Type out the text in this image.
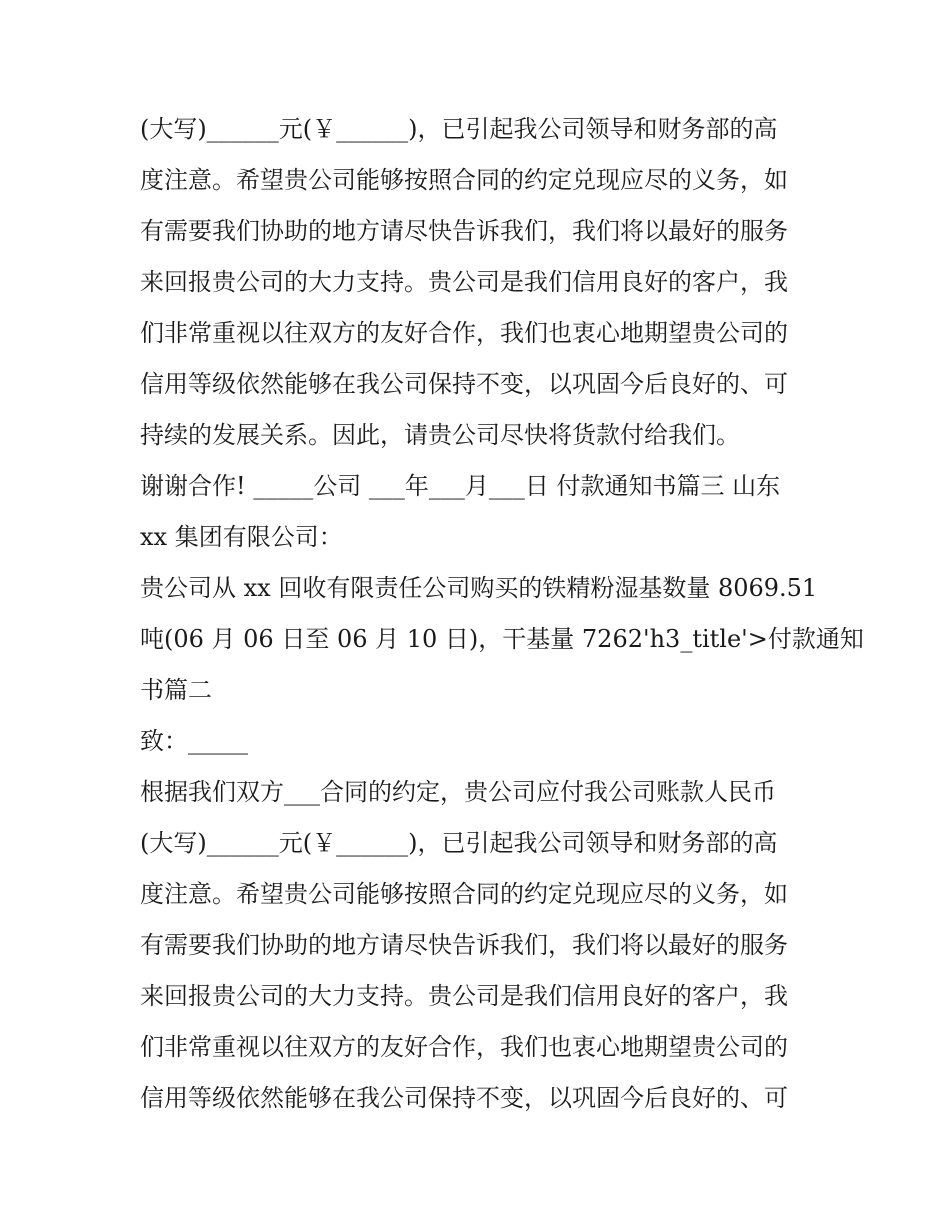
(大写)______元(￥______)，已引起我公司领导和财务部的高
度注意。希望贵公司能够按照合同的约定兑现应尽的义务，如
有需要我们协助的地方请尽快告诉我们，我们将以最好的服务
来回报贵公司的大力支持。贵公司是我们信用良好的客户，我
们非常重视以往双方的友好合作，我们也衷心地期望贵公司的
信用等级依然能够在我公司保持不变，以巩固今后良好的、可
持续的发展关系。因此，请贵公司尽快将货款付给我们。
谢谢合作! _____公司 ___年___月___日 付款通知书篇三 山东
xx 集团有限公司：
贵公司从 xx 回收有限责任公司购买的铁精粉湿基数量 8069.51
吨(06 月 06 日至 06 月 10 日)，干基量 7262'h3_title'>付款通知
书篇二
致：_____
根据我们双方___合同的约定，贵公司应付我公司账款人民币
(大写)______元(￥______)，已引起我公司领导和财务部的高
度注意。希望贵公司能够按照合同的约定兑现应尽的义务，如
有需要我们协助的地方请尽快告诉我们，我们将以最好的服务
来回报贵公司的大力支持。贵公司是我们信用良好的客户，我
们非常重视以往双方的友好合作，我们也衷心地期望贵公司的
信用等级依然能够在我公司保持不变，以巩固今后良好的、可
